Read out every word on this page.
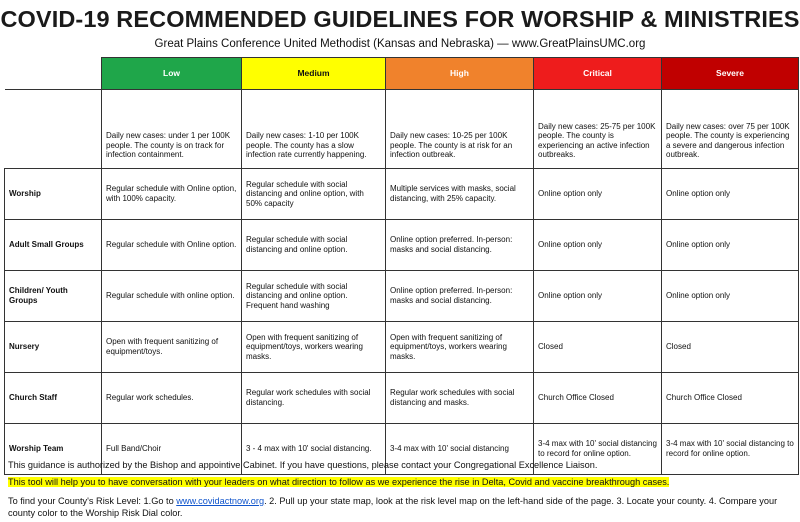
COVID-19 RECOMMENDED GUIDELINES FOR WORSHIP & MINISTRIES
Great Plains Conference United Methodist (Kansas and Nebraska) — www.GreatPlainsUMC.org
	Low	Medium	High	Critical	Severe
	Daily new cases: under 1 per 100K people. The county is on track for infection containment.	Daily new cases: 1-10 per 100K people. The county has a slow infection rate currently happening.	Daily new cases: 10-25 per 100K people. The county is at risk for an infection outbreak.	Daily new cases: 25-75 per 100K people. The county is experiencing an active infection outbreaks.	Daily new cases: over 75 per 100K people. The county is experiencing a severe and dangerous infection outbreak.
Worship	Regular schedule with Online option, with 100% capacity.	Regular schedule with social distancing and online option, with 50% capacity	Multiple services with masks, social distancing, with 25% capacity.	Online option only	Online option only
Adult Small Groups	Regular schedule with Online option.	Regular schedule with social distancing and online option.	Online option preferred. In-person: masks and social distancing.	Online option only	Online option only
Children/ Youth Groups	Regular schedule with online option.	Regular schedule with social distancing and online option. Frequent hand washing	Online option preferred. In-person: masks and social distancing.	Online option only	Online option only
Nursery	Open with frequent sanitizing of equipment/toys.	Open with frequent sanitizing of equipment/toys, workers wearing masks.	Open with frequent sanitizing of equipment/toys, workers wearing masks.	Closed	Closed
Church Staff	Regular work schedules.	Regular work schedules with social distancing.	Regular work schedules with social distancing and masks.	Church Office Closed	Church Office Closed
Worship Team	Full Band/Choir	3 - 4 max with 10' social distancing.	3-4 max with 10' social distancing	3-4 max with 10' social distancing to record for online option.	3-4 max with 10' social distancing to record for online option.
This guidance is authorized by the Bishop and appointive Cabinet. If you have questions, please contact your Congregational Excellence Liaison.
This tool will help you to have conversation with your leaders on what direction to follow as we experience the rise in Delta, Covid and vaccine breakthrough cases.
To find your County's Risk Level: 1.Go to www.covidactnow.org. 2. Pull up your state map, look at the risk level map on the left-hand side of the page. 3. Locate your county. 4. Compare your
county color to the Worship Risk Dial color.
